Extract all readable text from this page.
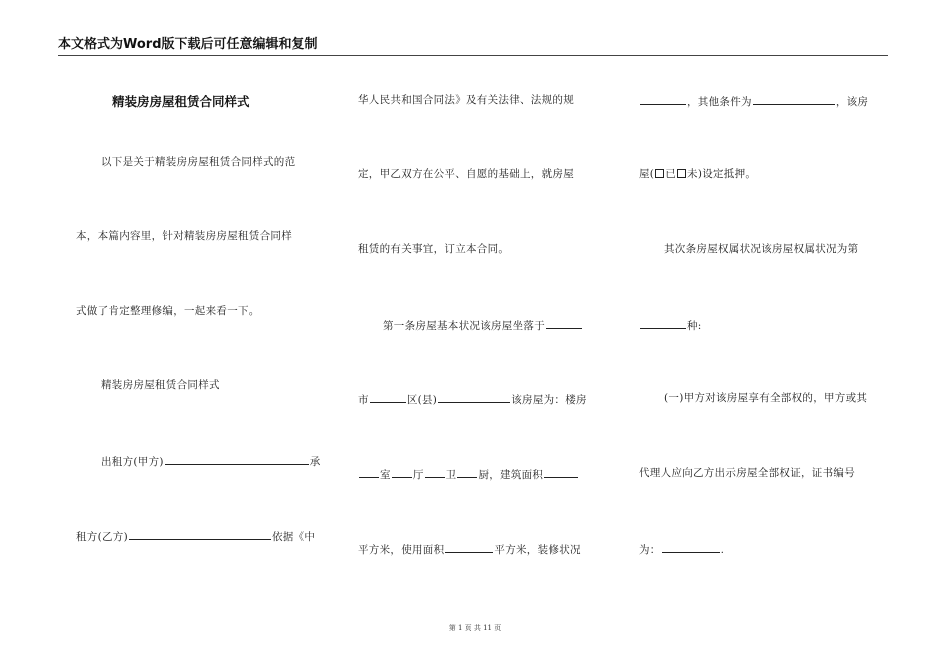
本文格式为Word版下载后可任意编辑和复制
精装房房屋租赁合同样式
以下是关于精装房房屋租赁合同样式的范
本，本篇内容里，针对精装房房屋租赁合同样
式做了肯定整理修编，一起来看一下。
精装房房屋租赁合同样式
出租方(甲方)	承
租方(乙方)	依据《中
华人民共和国合同法》及有关法律、法规的规
定，甲乙双方在公平、自愿的基础上，就房屋
租赁的有关事宜，订立本合同。
第一条房屋基本状况该房屋坐落于
市	区(县)	该房屋为：楼房
室 厅 卫 厨，建筑面积
平方米，使用面积	平方米，装修状况
，其他条件为	，该房
屋( 已 未)设定抵押。
其次条房屋权属状况该房屋权属状况为第
种:
(一)甲方对该房屋享有全部权的，甲方或其
代理人应向乙方出示房屋全部权证，证书编号
为：	.
第 1 页 共 11 页
